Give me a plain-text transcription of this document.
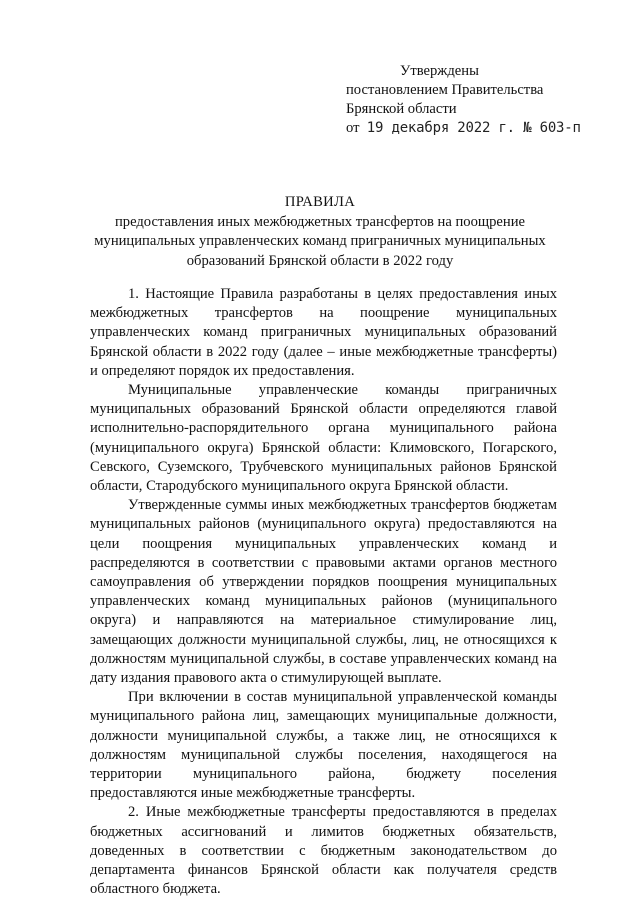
Утверждены
постановлением Правительства
Брянской области
от 19 декабря 2022 г. № 603-п
ПРАВИЛА
предоставления иных межбюджетных трансфертов на поощрение
муниципальных управленческих команд приграничных муниципальных
образований Брянской области в 2022 году

1. Настоящие Правила разработаны в целях предоставления иных межбюджетных трансфертов на поощрение муниципальных управленческих команд приграничных муниципальных образований Брянской области в 2022 году (далее – иные межбюджетные трансферты) и определяют порядок их предоставления.

Муниципальные управленческие команды приграничных муниципальных образований Брянской области определяются главой исполнительно-распорядительного органа муниципального района (муниципального округа) Брянской области: Климовского, Погарского, Севского, Суземского, Трубчевского муниципальных районов Брянской области, Стародубского муниципального округа Брянской области.

Утвержденные суммы иных межбюджетных трансфертов бюджетам муниципальных районов (муниципального округа) предоставляются на цели поощрения муниципальных управленческих команд и распределяются в соответствии с правовыми актами органов местного самоуправления об утверждении порядков поощрения муниципальных управленческих команд муниципальных районов (муниципального округа) и направляются на материальное стимулирование лиц, замещающих должности муниципальной службы, лиц, не относящихся к должностям муниципальной службы, в составе управленческих команд на дату издания правового акта о стимулирующей выплате.

При включении в состав муниципальной управленческой команды муниципального района лиц, замещающих муниципальные должности, должности муниципальной службы, а также лиц, не относящихся к должностям муниципальной службы поселения, находящегося на территории муниципального района, бюджету поселения предоставляются иные межбюджетные трансферты.

2. Иные межбюджетные трансферты предоставляются в пределах бюджетных ассигнований и лимитов бюджетных обязательств, доведенных в соответствии с бюджетным законодательством до департамента финансов Брянской области как получателя средств областного бюджета.
